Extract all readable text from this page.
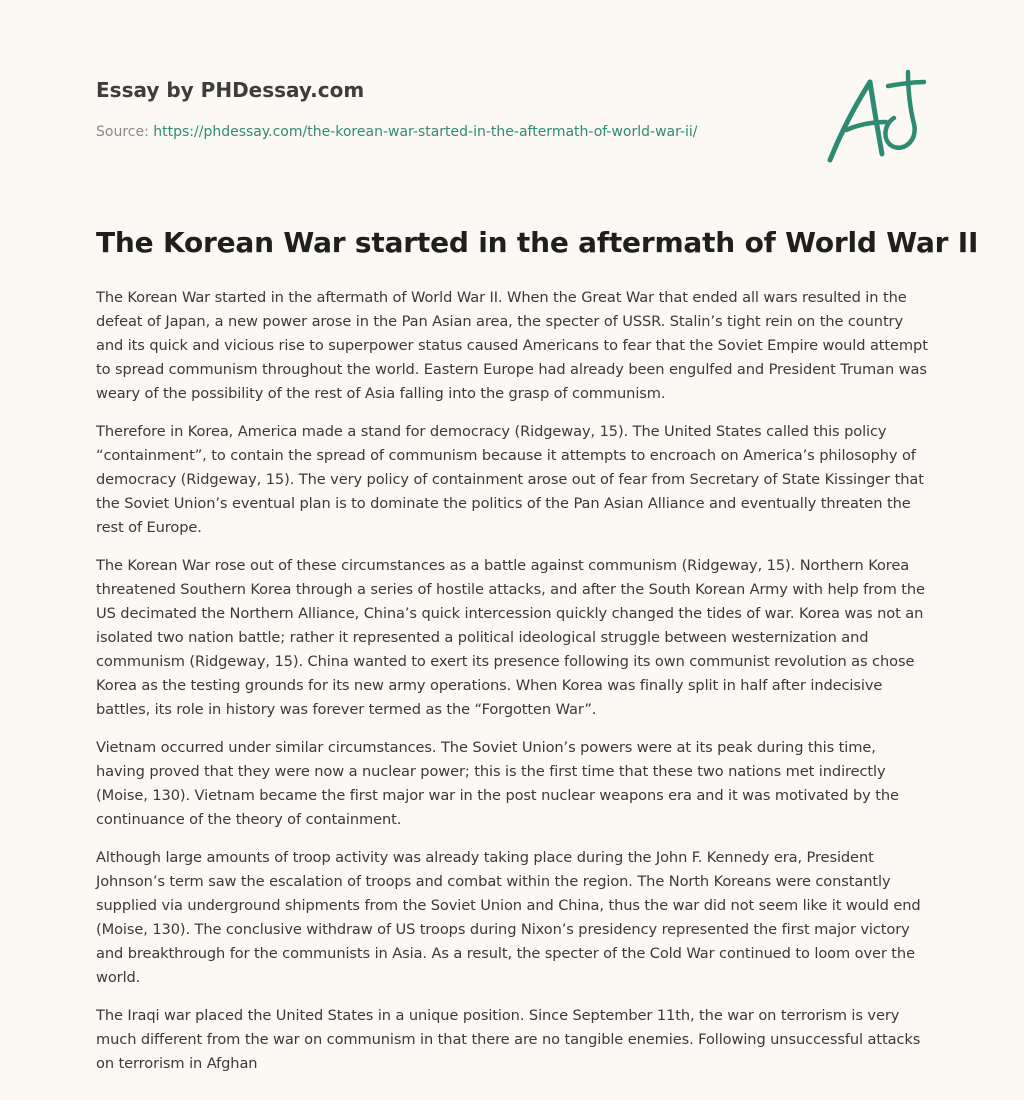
Essay by PHDessay.com
Source: https://phdessay.com/the-korean-war-started-in-the-aftermath-of-world-war-ii/
The Korean War started in the aftermath of World War II

The Korean War started in the aftermath of World War II. When the Great War that ended all wars resulted in the defeat of Japan, a new power arose in the Pan Asian area, the specter of USSR. Stalin’s tight rein on the country and its quick and vicious rise to superpower status caused Americans to fear that the Soviet Empire would attempt to spread communism throughout the world. Eastern Europe had already been engulfed and President Truman was weary of the possibility of the rest of Asia falling into the grasp of communism.

Therefore in Korea, America made a stand for democracy (Ridgeway, 15). The United States called this policy “containment”, to contain the spread of communism because it attempts to encroach on America’s philosophy of democracy (Ridgeway, 15). The very policy of containment arose out of fear from Secretary of State Kissinger that the Soviet Union’s eventual plan is to dominate the politics of the Pan Asian Alliance and eventually threaten the rest of Europe.

The Korean War rose out of these circumstances as a battle against communism (Ridgeway, 15). Northern Korea threatened Southern Korea through a series of hostile attacks, and after the South Korean Army with help from the US decimated the Northern Alliance, China’s quick intercession quickly changed the tides of war. Korea was not an isolated two nation battle; rather it represented a political ideological struggle between westernization and communism (Ridgeway, 15). China wanted to exert its presence following its own communist revolution as chose Korea as the testing grounds for its new army operations. When Korea was finally split in half after indecisive battles, its role in history was forever termed as the “Forgotten War”.

Vietnam occurred under similar circumstances. The Soviet Union’s powers were at its peak during this time, having proved that they were now a nuclear power; this is the first time that these two nations met indirectly (Moise, 130). Vietnam became the first major war in the post nuclear weapons era and it was motivated by the continuance of the theory of containment.

Although large amounts of troop activity was already taking place during the John F. Kennedy era, President Johnson’s term saw the escalation of troops and combat within the region. The North Koreans were constantly supplied via underground shipments from the Soviet Union and China, thus the war did not seem like it would end (Moise, 130). The conclusive withdraw of US troops during Nixon’s presidency represented the first major victory and breakthrough for the communists in Asia. As a result, the specter of the Cold War continued to loom over the world.

The Iraqi war placed the United States in a unique position. Since September 11th, the war on terrorism is very much different from the war on communism in that there are no tangible enemies. Following unsuccessful attacks on terrorism in Afghan
